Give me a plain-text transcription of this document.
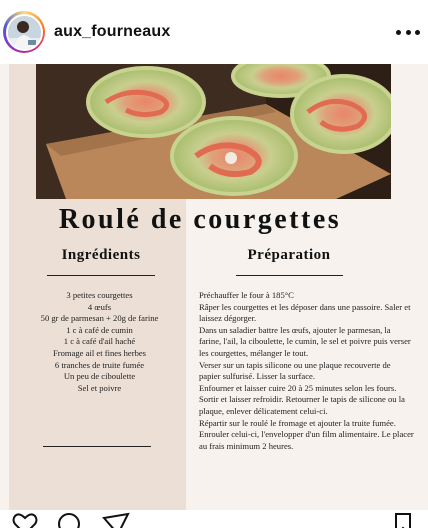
aux_fourneaux
Roulé de courgettes
Ingrédients	Préparation
3 petites courgettes
4 œufs
50 gr de parmesan + 20g de farine
1 c à café de cumin
1 c à café d'ail haché
Fromage ail et fines herbes
6 tranches de truite fumée
Un peu de ciboulette
Sel et poivre

Préchauffer le four à 185°C

Râper les courgettes et les déposer dans une passoire. Saler et

laissez dégorger.

Dans un saladier battre les œufs, ajouter le parmesan, la

farine, l'ail, la ciboulette, le cumin, le sel et poivre puis verser

les courgettes, mélanger le tout.

Verser sur un tapis silicone ou une plaque recouverte de

papier sulfurisé. Lisser la surface.

Enfourner et laisser cuire 20 à 25 minutes selon les fours.

Sortir et laisser refroidir. Retourner le tapis de silicone ou la

plaque, enlever délicatement celui-ci.

Répartir sur le roulé le fromage et ajouter la truite fumée.

Enrouler celui-ci, l'envelopper d'un film alimentaire. Le placer

au frais minimum 2 heures.
